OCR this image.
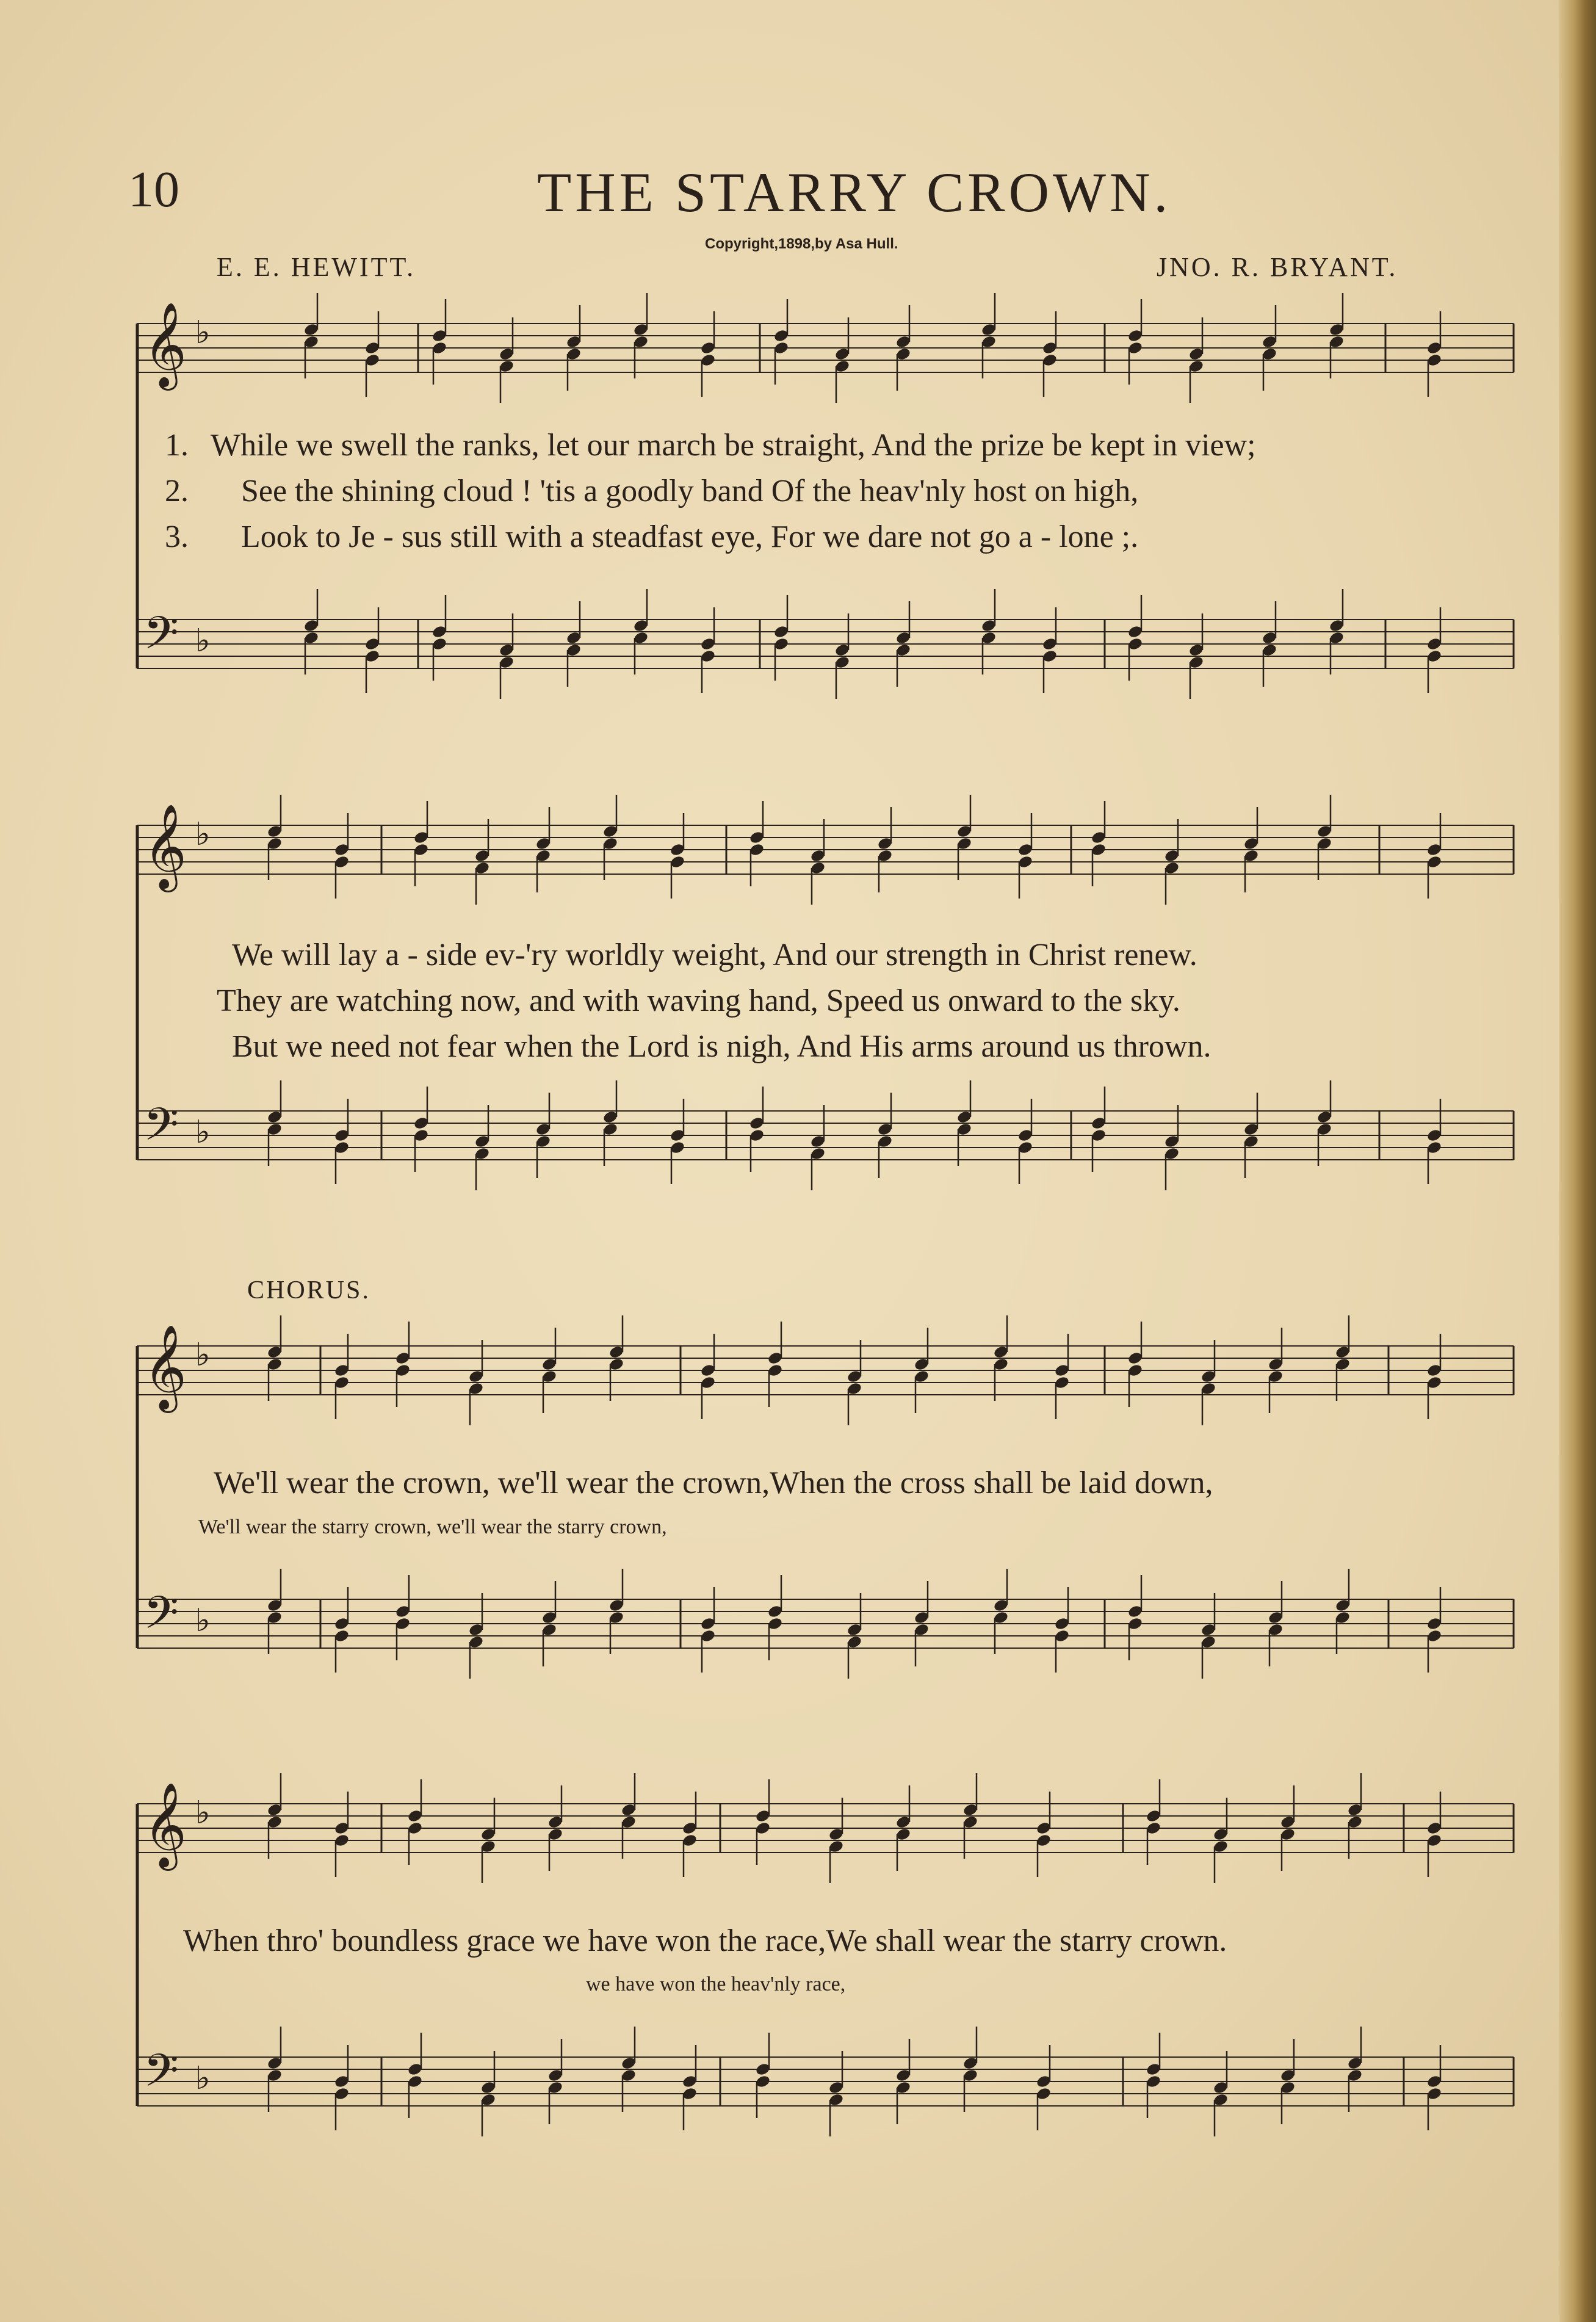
10	THE STARRY CROWN.
Copyright,1898,by Asa Hull.
E. E. HEWITT.	JNO. R. BRYANT.
𝄞
𝄢
♭
♭
𝄞
𝄢
♭
♭
𝄞
𝄢
♭
♭
𝄞
𝄢
♭
♭
1.
2.
3.
While we swell the ranks, let our march be straight, And the prize be kept in view;
See the shining cloud ! 'tis a goodly band Of the heav'nly host on high,
Look to Je - sus still with a steadfast eye, For we dare not go a - lone ;.
We will lay a - side ev-'ry worldly weight, And our strength in Christ renew.
They are watching now, and with waving hand, Speed us onward to the sky.
But we need not fear when the Lord is nigh, And His arms around us thrown.
CHORUS.
We'll wear the crown, we'll wear the crown,When the cross shall be laid down,
We'll wear the starry crown, we'll wear the starry crown,
When thro' boundless grace we have won the race,We shall wear the starry crown.
we have won the heav'nly race,
